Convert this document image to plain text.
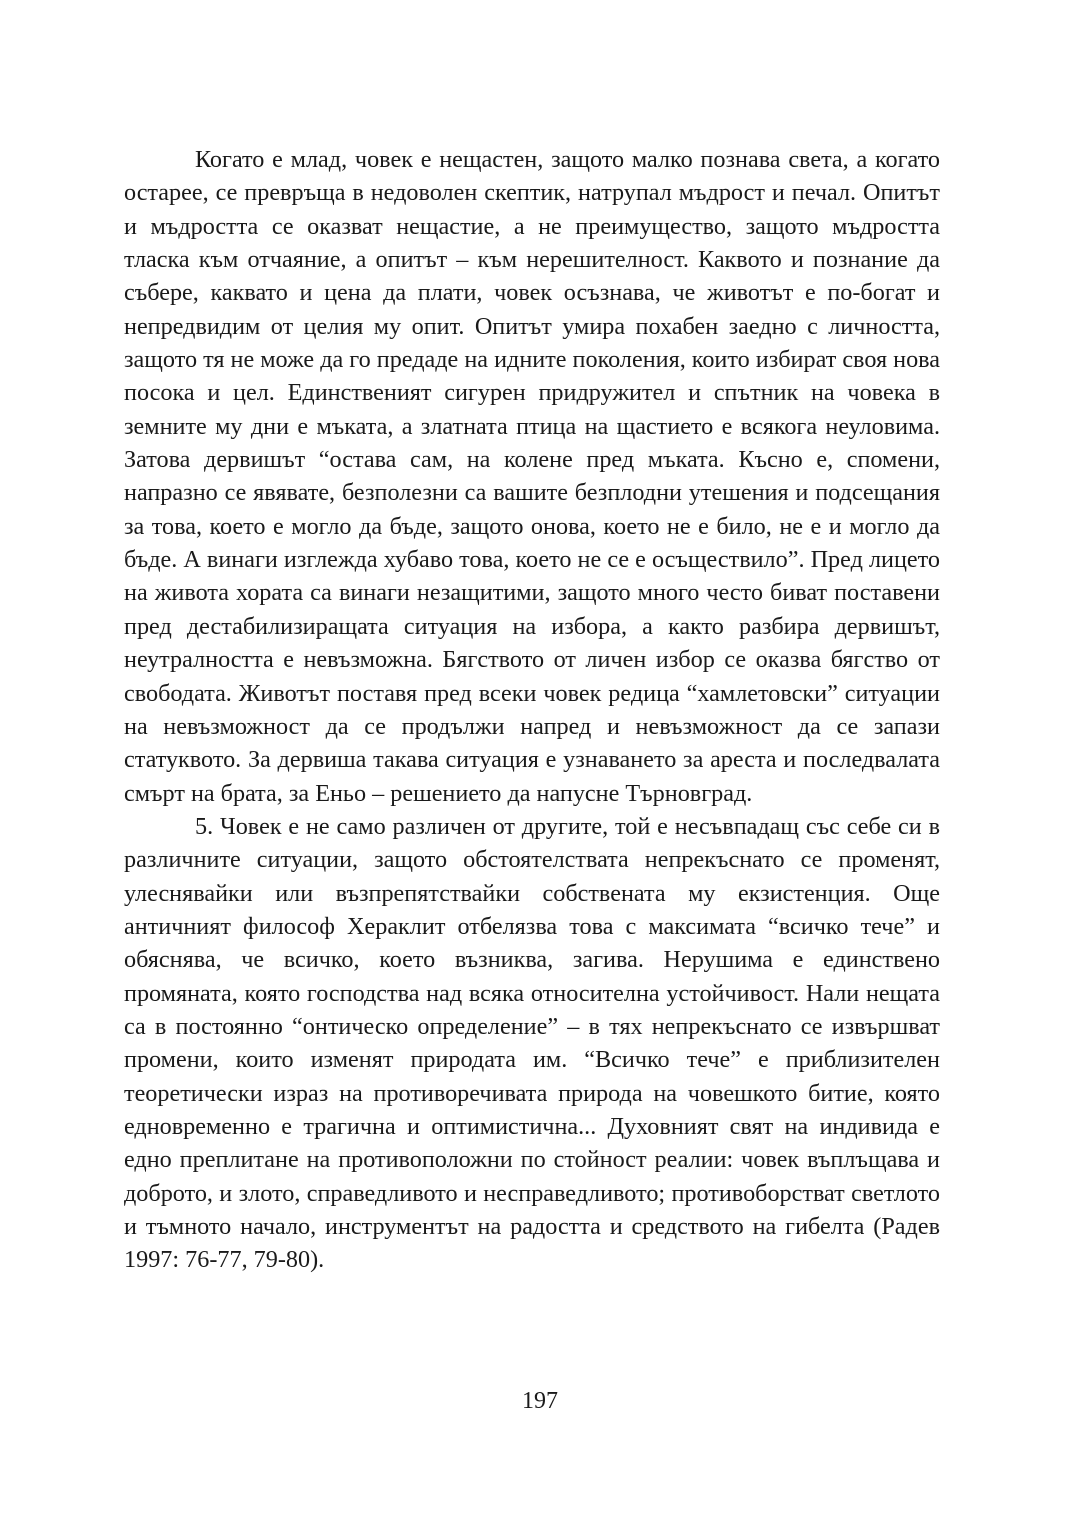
Когато е млад, човек е нещастен, защото малко познава света, а когато остарее, се превръща в недоволен скептик, натрупал мъдрост и печал. Опитът и мъдростта се оказват нещастие, а не преимущество, защото мъдростта тласка към отчаяние, а опитът – към нерешителност. Каквото и познание да събере, каквато и цена да плати, човек осъзнава, че животът е по-богат и непредвидим от целия му опит. Опитът умира похабен заедно с личността, защото тя не може да го предаде на идните поколения, които избират своя нова посока и цел. Единственият сигурен придружител и спътник на човека в земните му дни е мъката, а златната птица на щастието е всякога неуловима. Затова дервишът “остава сам, на колене пред мъката. Късно е, спомени, напразно се явявате, безполезни са вашите безплодни утешения и подсещания за това, което е могло да бъде, защото онова, което не е било, не е и могло да бъде. А винаги изглежда хубаво това, което не се е осъществило”. Пред лицето на живота хората са винаги незащитими, защото много често биват поставени пред дестабилизиращата ситуация на избора, а както разбира дервишът, неутралността е невъзможна. Бягството от личен избор се оказва бягство от свободата. Животът поставя пред всеки човек редица “хамлетовски” ситуации на невъзможност да се продължи напред и невъзможност да се запази статуквото. За дервиша такава ситуация е узнаването за ареста и последвалата смърт на брата, за Еньо – решението да напусне Търновград.

5. Човек е не само различен от другите, той е несъвпадащ със себе си в различните ситуации, защото обстоятелствата непрекъснато се променят, улеснявайки или възпрепятствайки собствената му екзистенция. Още античният философ Хераклит отбелязва това с максимата “всичко тече” и обяснява, че всичко, което възниква, загива. Нерушима е единствено промяната, която господства над всяка относителна устойчивост. Нали нещата са в постоянно “онтическо определение” – в тях непрекъснато се извършват промени, които изменят природата им. “Всичко тече” е приблизителен теоретически израз на противоречивата природа на човешкото битие, която едновременно е трагична и оптимистична... Духовният свят на индивида е едно преплитане на противоположни по стойност реалии: човек въплъщава и доброто, и злото, справедливото и несправедливото; противоборстват светлото и тъмното начало, инструментът на радостта и средството на гибелта (Радев 1997: 76-77, 79-80).

197
